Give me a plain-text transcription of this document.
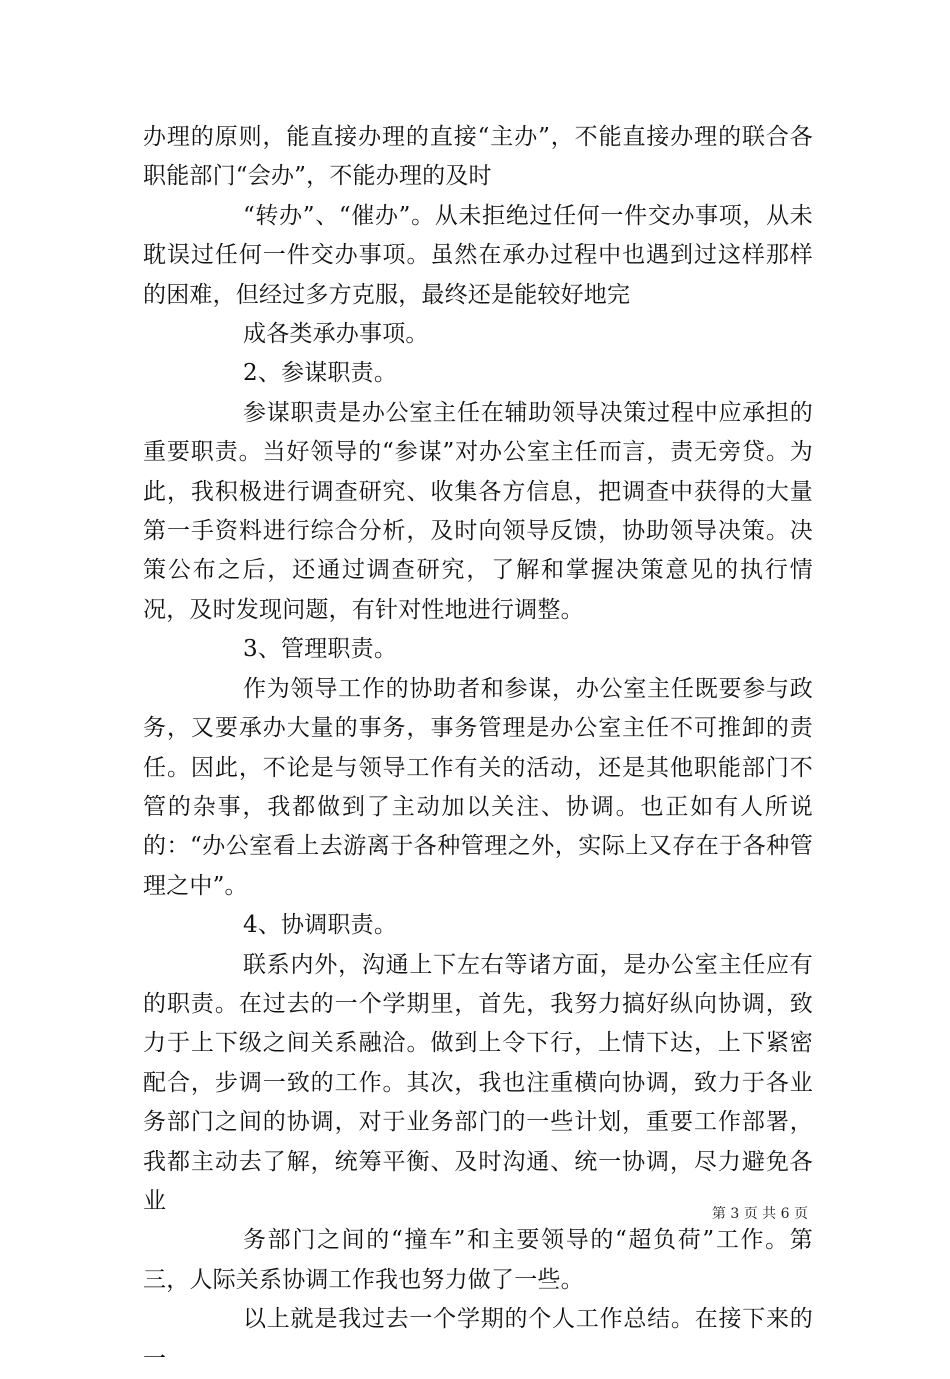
办理的原则，能直接办理的直接“主办”，不能直接办理的联合各职能部门“会办”，不能办理的及时

“转办”、“催办”。从未拒绝过任何一件交办事项，从未耽误过任何一件交办事项。虽然在承办过程中也遇到过这样那样的困难，但经过多方克服，最终还是能较好地完

成各类承办事项。

2、参谋职责。

参谋职责是办公室主任在辅助领导决策过程中应承担的重要职责。当好领导的“参谋”对办公室主任而言，责无旁贷。为此，我积极进行调查研究、收集各方信息，把调查中获得的大量第一手资料进行综合分析，及时向领导反馈，协助领导决策。决策公布之后，还通过调查研究，了解和掌握决策意见的执行情况，及时发现问题，有针对性地进行调整。

3、管理职责。

作为领导工作的协助者和参谋，办公室主任既要参与政务，又要承办大量的事务，事务管理是办公室主任不可推卸的责任。因此，不论是与领导工作有关的活动，还是其他职能部门不管的杂事，我都做到了主动加以关注、协调。也正如有人所说的：“办公室看上去游离于各种管理之外，实际上又存在于各种管理之中”。

4、协调职责。

联系内外，沟通上下左右等诸方面，是办公室主任应有的职责。在过去的一个学期里，首先，我努力搞好纵向协调，致力于上下级之间关系融洽。做到上令下行，上情下达，上下紧密配合，步调一致的工作。其次，我也注重横向协调，致力于各业务部门之间的协调，对于业务部门的一些计划，重要工作部署，我都主动去了解，统筹平衡、及时沟通、统一协调，尽力避免各业

务部门之间的“撞车”和主要领导的“超负荷”工作。第三，人际关系协调工作我也努力做了一些。

以上就是我过去一个学期的个人工作总结。在接下来的一

第 3 页 共 6 页
